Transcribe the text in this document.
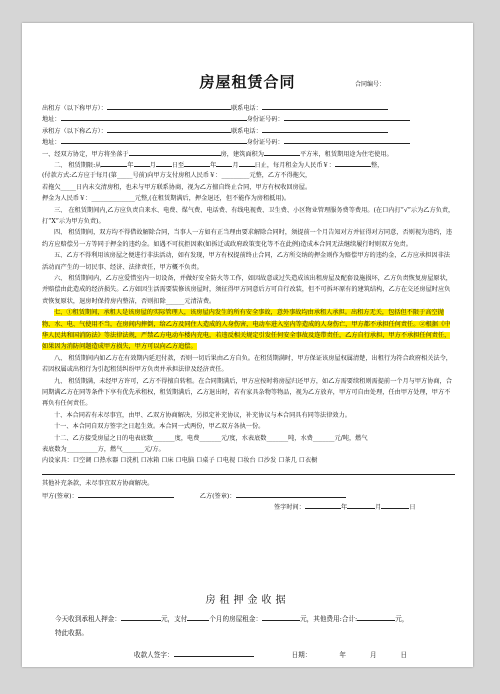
房屋租赁合同	合同编号：
出租方（以下称甲方）：	联系电话：
地址：	身份证号码：
承租方（以下称乙方）：	联系电话：
地址：	身份证号码：
一、经双方协定，甲方将坐落于	房，建筑面积为	平方米，租赁期用途为住宅使用。
二、 租赁期限:从	年	月	日至	年	月	日止，每月租金为人民币￥：	整，
(付款方式:乙方应于每月(第_____号前)向甲方支付房租人民币￥：_________元整，乙方不得拖欠，
若拖欠_____日内未交清房租，也未与甲方联系协商，视为乙方擅自终止合同，甲方有权收回房屋。
押金为人民币￥：______________元整,(在租赁期满后，押金退还，但不能作为房租抵用)。
三、 在租赁期间内,乙方应负责自来水、电费、煤气费、电话费、有线电视费、卫生费、小区物业管理服务费等费用。(在口内打“√”示为乙方负责，打“X”示为甲方负责)。
四、 租赁期间，双方均不得借故解除合同，当事人一方如有正当理由要求解除合同时，须提前一个月告知对方并征得对方同意，否则视为违约，违约方应赔偿另一方等同于押金的违约金。如遇不可抗拒因素(如拆迁或政府政策变化等不在此例)造成本合同无法继续履行时则双方免责。
五、乙方不得利用该房屋之便进行非法活动，如有发现，甲方有权提前终止合同，乙方所交纳的押金则作为赔偿甲方的违约金，乙方应承担因非法活动而产生的一切民事、经济、法律责任，甲方概不负责。
六、 租赁期间内，乙方应爱惜室内一切设备，并做好安全防火等工作，如因故意或过失造成该出租房屋及配套设施损坏，乙方负责恢复房屋原状，并赔偿由此造成的经济损失。乙方如因生活需要装修该房屋时，须征得甲方同意后方可自行改装，但不可拆坏原有的建筑结构，乙方在交还房屋时应负责恢复原状，退房时保持房内整洁，否则扣除______元清洁费。
七、①租赁期间，承租人是该房屋的实际管理人，该房屋内发生的所有安全事故，意外事故均由承租人承担。出租方无关，包括但不限于高空抛物、水、电、气使用不当，在房间内摔倒，给乙方及同住人造成的人身伤害，电动车进入室内等造成的人身伤亡，甲方都不承担任何责任。②根据《中华人民共和国消防法》等法律法规，严禁乙方电动车楼内充电，若违反相关规定引发任何安全事故及连带责任，乙方自行承担，甲方不承担任何责任，如果因为消防问题造成甲方损失，甲方可以向乙方追偿。
八、 租赁期间内如乙方在有效期内延迟付款，否则一切后果由乙方自负。在租赁期满时，甲方保证该房屋权属清楚，出租行为符合政府相关法令，若因权属或出租行为引起租赁纠纷甲方负责并承担法律及经济责任。
九、 租赁期满，未经甲方许可，乙方不得擅自转租。在合同期满后，甲方应按时将房屋归还甲方，如乙方需要续租则需提前一个月与甲方协商，合同期满乙方在同等条件下享有优先承租权，租赁期满后，乙方退出时，若有家具杂物等物品，视为乙方放弃，甲方可自由处理，任由甲方处理，甲方不再负有任何责任。
十、本合同若有未尽事宜，由甲、乙双方协商解决，另拟定补充协议，补充协议与本合同具有同等法律效力。
十一、本合同自双方签字之日起生效。本合同一式两份，甲乙双方各执一份。
十二、乙方接受房屋之日的电表底数_______度，电费_______元/度，水表底数_______吨，水费_______元/吨，燃气
表底数为__________方，燃气_______元/方。
内设家具：口空调 口热水器 口洗机 口冰箱 口床 口电脑 口桌子 口电视 口妆台 口沙发 口茶几 口衣橱
其他补充条款，未尽事宜双方协商解决。
甲方(签章)：	乙方(签章)：
签字时间：	年	月	日
房租押金收据
今天收到承租人押金：	元，支付	个月的房屋租金：	元，其他费用:合计:	元，
特此收据。
收款人签字：	日期：	年	月	日
